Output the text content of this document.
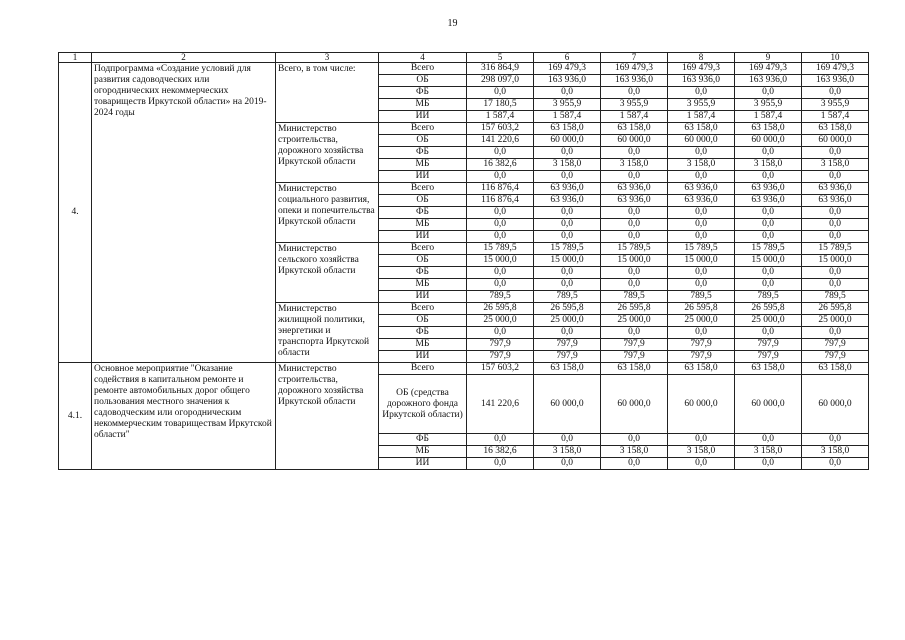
19
1	2	3	4	5	6	7	8	9	10
4.	Подпрограмма «Создание условий для развития садоводческих или огороднических некоммерческих товариществ Иркутской области» на 2019-2024 годы	Всего, в том числе:	Всего	316 864,9	169 479,3	169 479,3	169 479,3	169 479,3	169 479,3
			ОБ	298 097,0	163 936,0	163 936,0	163 936,0	163 936,0	163 936,0
			ФБ	0,0	0,0	0,0	0,0	0,0	0,0
			МБ	17 180,5	3 955,9	3 955,9	3 955,9	3 955,9	3 955,9
			ИИ	1 587,4	1 587,4	1 587,4	1 587,4	1 587,4	1 587,4
		Министерство строительства, дорожного хозяйства Иркутской области	Всего	157 603,2	63 158,0	63 158,0	63 158,0	63 158,0	63 158,0
			ОБ	141 220,6	60 000,0	60 000,0	60 000,0	60 000,0	60 000,0
			ФБ	0,0	0,0	0,0	0,0	0,0	0,0
			МБ	16 382,6	3 158,0	3 158,0	3 158,0	3 158,0	3 158,0
			ИИ	0,0	0,0	0,0	0,0	0,0	0,0
		Министерство социального развития, опеки и попечительства Иркутской области	Всего	116 876,4	63 936,0	63 936,0	63 936,0	63 936,0	63 936,0
			ОБ	116 876,4	63 936,0	63 936,0	63 936,0	63 936,0	63 936,0
			ФБ	0,0	0,0	0,0	0,0	0,0	0,0
			МБ	0,0	0,0	0,0	0,0	0,0	0,0
			ИИ	0,0	0,0	0,0	0,0	0,0	0,0
		Министерство сельского хозяйства Иркутской области	Всего	15 789,5	15 789,5	15 789,5	15 789,5	15 789,5	15 789,5
			ОБ	15 000,0	15 000,0	15 000,0	15 000,0	15 000,0	15 000,0
			ФБ	0,0	0,0	0,0	0,0	0,0	0,0
			МБ	0,0	0,0	0,0	0,0	0,0	0,0
			ИИ	789,5	789,5	789,5	789,5	789,5	789,5
		Министерство жилищной политики, энергетики и транспорта Иркутской области	Всего	26 595,8	26 595,8	26 595,8	26 595,8	26 595,8	26 595,8
			ОБ	25 000,0	25 000,0	25 000,0	25 000,0	25 000,0	25 000,0
			ФБ	0,0	0,0	0,0	0,0	0,0	0,0
			МБ	797,9	797,9	797,9	797,9	797,9	797,9
			ИИ	797,9	797,9	797,9	797,9	797,9	797,9
4.1.	Основное мероприятие "Оказание содействия в капитальном ремонте и ремонте автомобильных дорог общего пользования местного значения к садоводческим или огородническим некоммерческим товариществам Иркутской области"	Министерство строительства, дорожного хозяйства Иркутской области	Всего	157 603,2	63 158,0	63 158,0	63 158,0	63 158,0	63 158,0
			ОБ (средства дорожного фонда Иркутской области)	141 220,6	60 000,0	60 000,0	60 000,0	60 000,0	60 000,0
			ФБ	0,0	0,0	0,0	0,0	0,0	0,0
			МБ	16 382,6	3 158,0	3 158,0	3 158,0	3 158,0	3 158,0
			ИИ	0,0	0,0	0,0	0,0	0,0	0,0
